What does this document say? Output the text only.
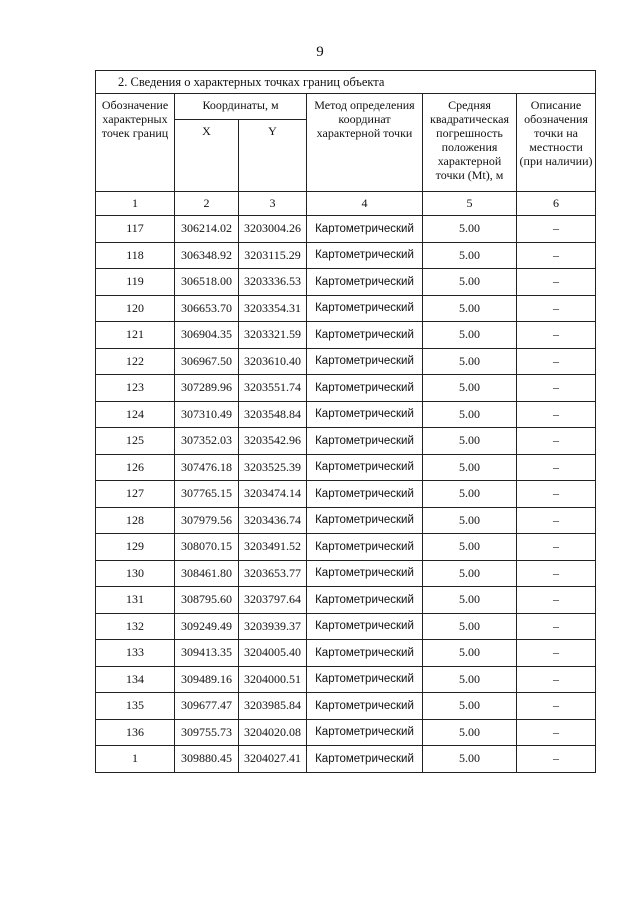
9
2. Сведения о характерных точках границ объекта					
Обозначение характерных точек границ	Координаты, м		Метод определения координат характерной точки	Средняя квадратическая погрешность положения характерной точки (Mt), м	Описание обозначения точки на местности (при наличии)
	X	Y			
1	2	3	4	5	6
117	306214.02	3203004.26	Картометрический	5.00	–
118	306348.92	3203115.29	Картометрический	5.00	–
119	306518.00	3203336.53	Картометрический	5.00	–
120	306653.70	3203354.31	Картометрический	5.00	–
121	306904.35	3203321.59	Картометрический	5.00	–
122	306967.50	3203610.40	Картометрический	5.00	–
123	307289.96	3203551.74	Картометрический	5.00	–
124	307310.49	3203548.84	Картометрический	5.00	–
125	307352.03	3203542.96	Картометрический	5.00	–
126	307476.18	3203525.39	Картометрический	5.00	–
127	307765.15	3203474.14	Картометрический	5.00	–
128	307979.56	3203436.74	Картометрический	5.00	–
129	308070.15	3203491.52	Картометрический	5.00	–
130	308461.80	3203653.77	Картометрический	5.00	–
131	308795.60	3203797.64	Картометрический	5.00	–
132	309249.49	3203939.37	Картометрический	5.00	–
133	309413.35	3204005.40	Картометрический	5.00	–
134	309489.16	3204000.51	Картометрический	5.00	–
135	309677.47	3203985.84	Картометрический	5.00	–
136	309755.73	3204020.08	Картометрический	5.00	–
1	309880.45	3204027.41	Картометрический	5.00	–
